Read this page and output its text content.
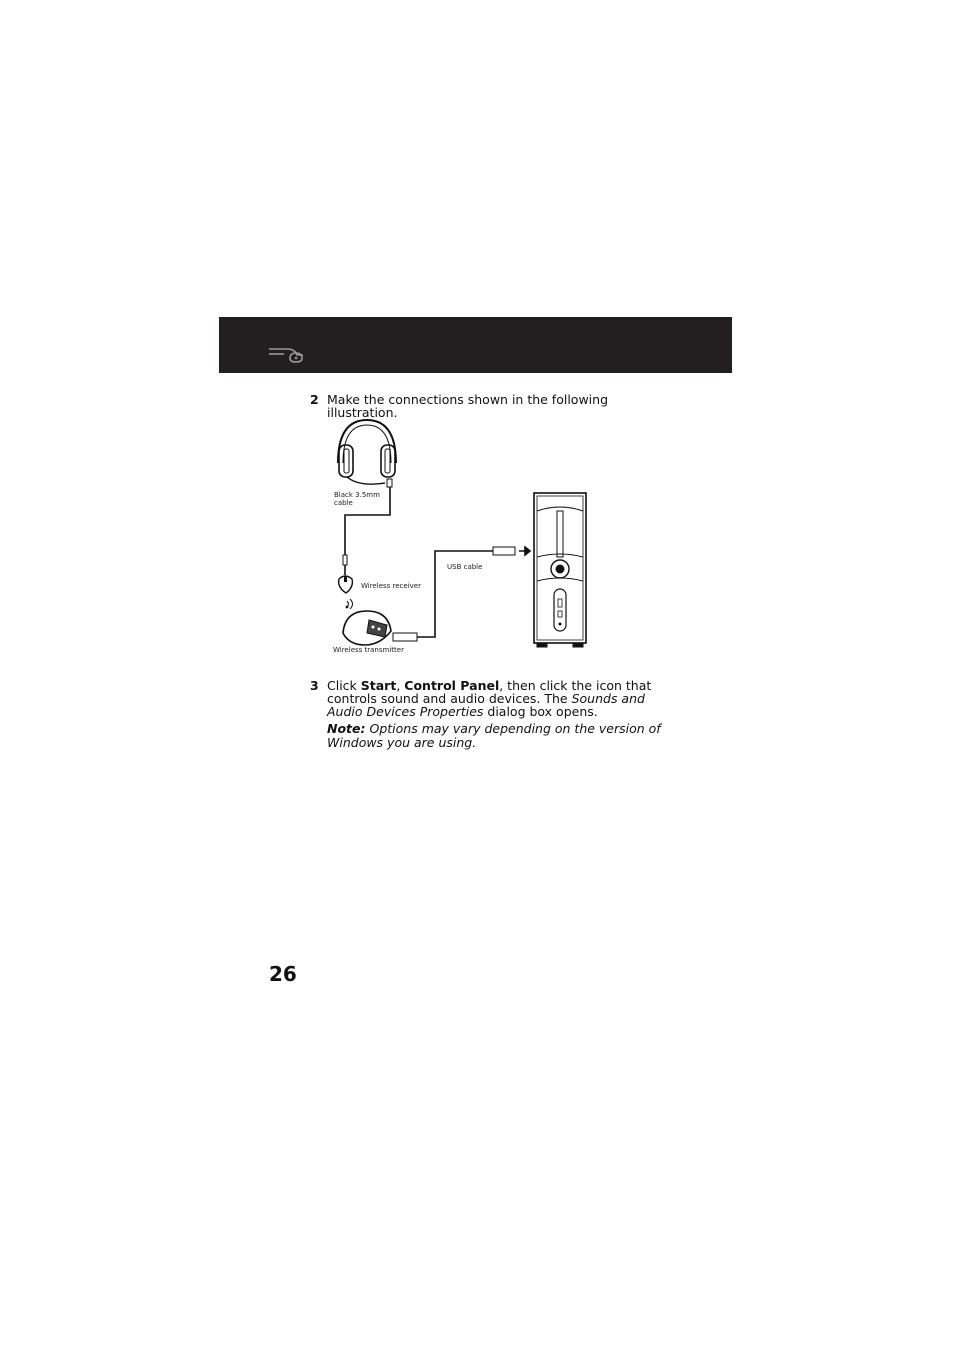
2 Make the connections shown in the following illustration.
Black 3.5mm
cable
Wireless receiver
Wireless transmitter
USB cable
3 Click Start, Control Panel, then click the icon that controls sound and audio devices. The Sounds and Audio Devices Properties dialog box opens.
Note: Options may vary depending on the version of Windows you are using.
26
